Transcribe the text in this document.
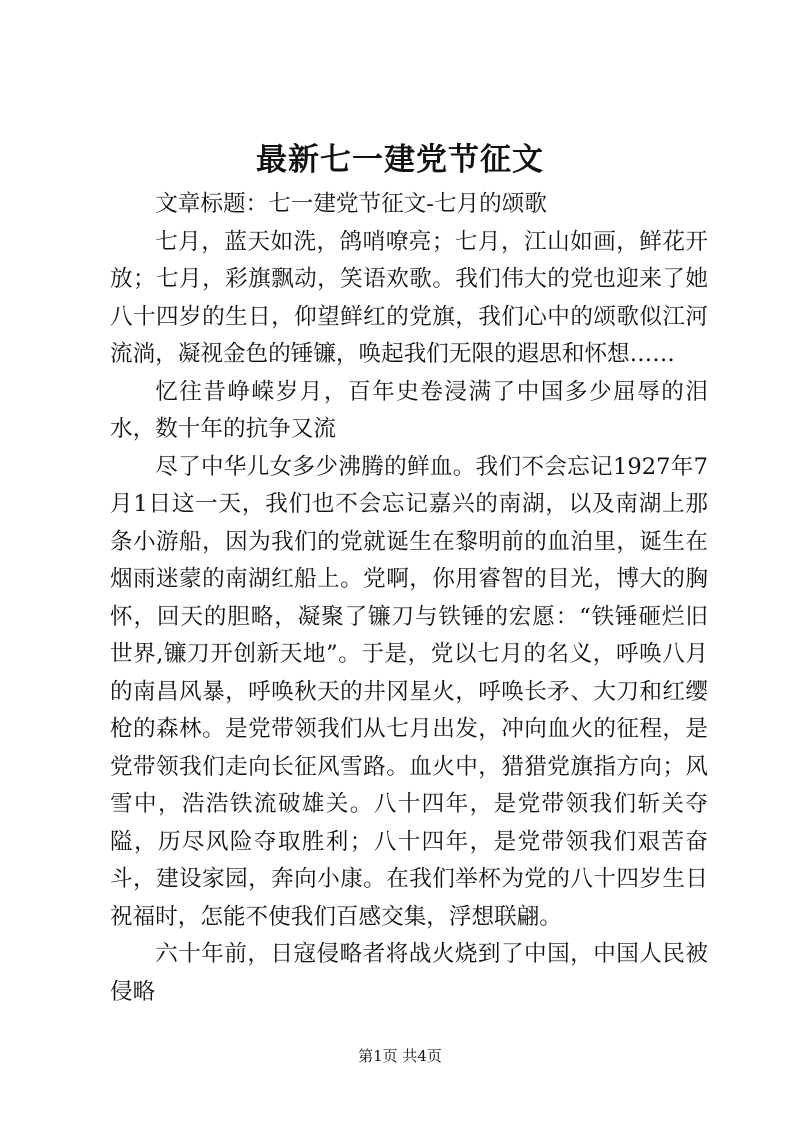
最新七一建党节征文

文章标题：七一建党节征文-七月的颂歌

七月，蓝天如洗，鸽哨嘹亮；七月，江山如画，鲜花开放；七月，彩旗飘动，笑语欢歌。我们伟大的党也迎来了她八十四岁的生日，仰望鲜红的党旗，我们心中的颂歌似江河流淌，凝视金色的锤镰，唤起我们无限的遐思和怀想……

忆往昔峥嵘岁月，百年史卷浸满了中国多少屈辱的泪水，数十年的抗争又流

尽了中华儿女多少沸腾的鲜血。我们不会忘记1927年7月1日这一天，我们也不会忘记嘉兴的南湖，以及南湖上那条小游船，因为我们的党就诞生在黎明前的血泊里，诞生在烟雨迷蒙的南湖红船上。党啊，你用睿智的目光，博大的胸怀，回天的胆略，凝聚了镰刀与铁锤的宏愿：“铁锤砸烂旧世界,镰刀开创新天地”。于是，党以七月的名义，呼唤八月的南昌风暴，呼唤秋天的井冈星火，呼唤长矛、大刀和红缨枪的森林。是党带领我们从七月出发，冲向血火的征程，是党带领我们走向长征风雪路。血火中，猎猎党旗指方向；风雪中，浩浩铁流破雄关。八十四年，是党带领我们斩关夺隘，历尽风险夺取胜利；八十四年，是党带领我们艰苦奋斗，建设家园，奔向小康。在我们举杯为党的八十四岁生日祝福时，怎能不使我们百感交集，浮想联翩。

六十年前，日寇侵略者将战火烧到了中国，中国人民被侵略

第1页 共4页
